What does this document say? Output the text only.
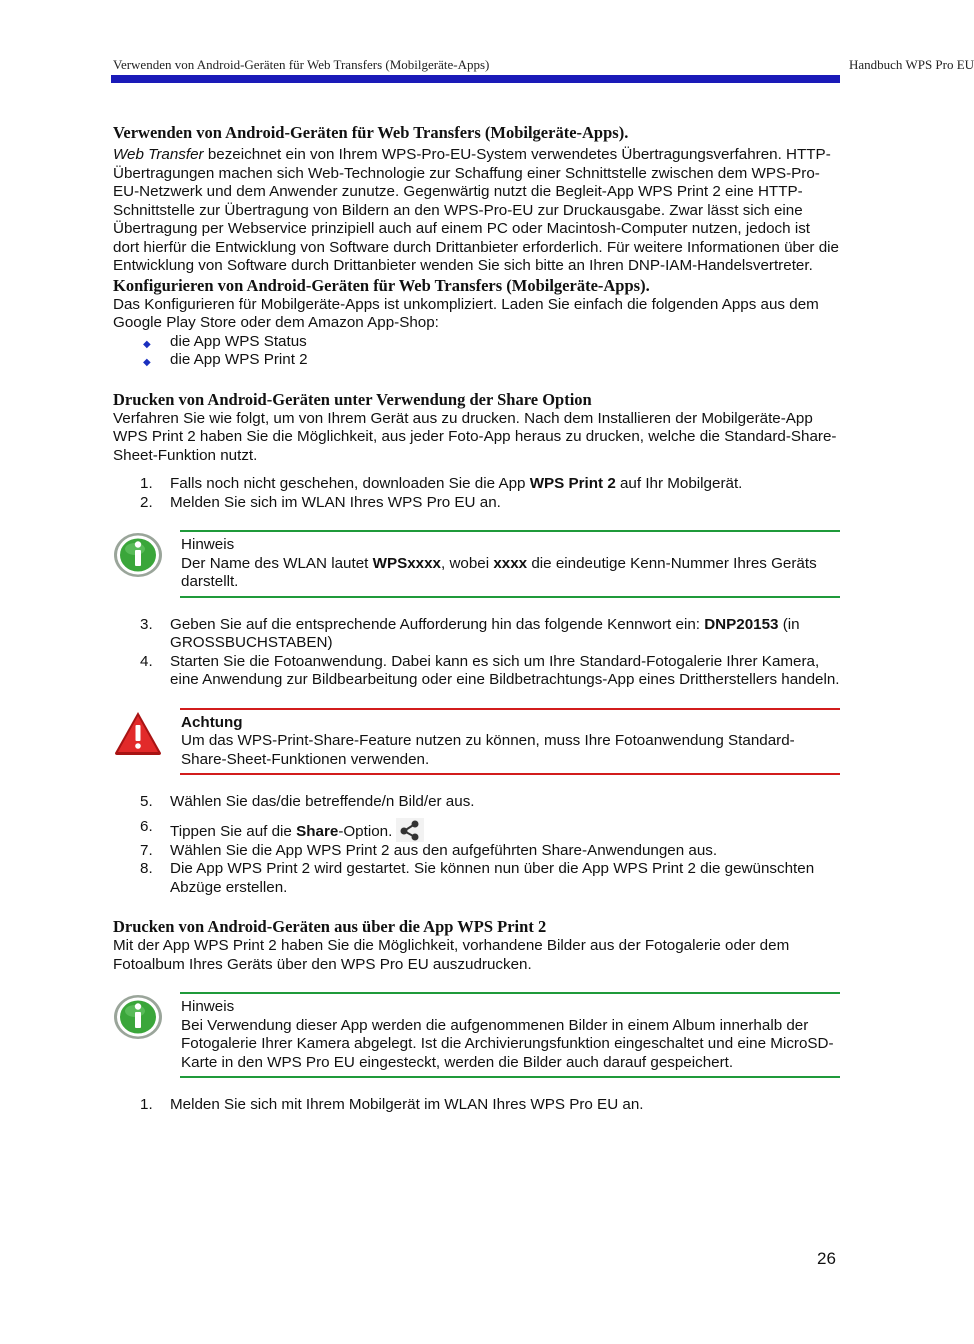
Verwenden von Android-Geräten für Web Transfers (Mobilgeräte-Apps)	Handbuch WPS Pro EU
Verwenden von Android-Geräten für Web Transfers (Mobilgeräte-Apps).

Web Transfer bezeichnet ein von Ihrem WPS-Pro-EU-System verwendetes Übertragungsverfahren. HTTP-Übertragungen machen sich Web-Technologie zur Schaffung einer Schnittstelle zwischen dem WPS-Pro-EU-Netzwerk und dem Anwender zunutze. Gegenwärtig nutzt die Begleit-App WPS Print 2 eine HTTP-Schnittstelle zur Übertragung von Bildern an den WPS-Pro-EU zur Druckausgabe. Zwar lässt sich eine Übertragung per Webservice prinzipiell auch auf einem PC oder Macintosh-Computer nutzen, jedoch ist dort hierfür die Entwicklung von Software durch Drittanbieter erforderlich. Für weitere Informationen über die Entwicklung von Software durch Drittanbieter wenden Sie sich bitte an Ihren DNP-IAM-Handelsvertreter.

Konfigurieren von Android-Geräten für Web Transfers (Mobilgeräte-Apps).

Das Konfigurieren für Mobilgeräte-Apps ist unkompliziert. Laden Sie einfach die folgenden Apps aus dem Google Play Store oder dem Amazon App-Shop:

◆ die App WPS Status
◆ die App WPS Print 2
Drucken von Android-Geräten unter Verwendung der Share Option

Verfahren Sie wie folgt, um von Ihrem Gerät aus zu drucken. Nach dem Installieren der Mobilgeräte-App WPS Print 2 haben Sie die Möglichkeit, aus jeder Foto-App heraus zu drucken, welche die Standard-Share-Sheet-Funktion nutzt.

1. Falls noch nicht geschehen, downloaden Sie die App WPS Print 2 auf Ihr Mobilgerät.
2. Melden Sie sich im WLAN Ihres WPS Pro EU an.
Hinweis
Der Name des WLAN lautet WPSxxxx, wobei xxxx die eindeutige Kenn-Nummer Ihres Geräts darstellt.
3. Geben Sie auf die entsprechende Aufforderung hin das folgende Kennwort ein: DNP20153 (in GROSSBUCHSTABEN)
4. Starten Sie die Fotoanwendung. Dabei kann es sich um Ihre Standard-Fotogalerie Ihrer Kamera, eine Anwendung zur Bildbearbeitung oder eine Bildbetrachtungs-App eines Drittherstellers handeln.
Achtung
Um das WPS-Print-Share-Feature nutzen zu können, muss Ihre Fotoanwendung Standard-Share-Sheet-Funktionen verwenden.
5. Wählen Sie das/die betreffende/n Bild/er aus.
6. Tippen Sie auf die Share-Option.
7. Wählen Sie die App WPS Print 2 aus den aufgeführten Share-Anwendungen aus.
8. Die App WPS Print 2 wird gestartet. Sie können nun über die App WPS Print 2 die gewünschten Abzüge erstellen.
Drucken von Android-Geräten aus über die App WPS Print 2

Mit der App WPS Print 2 haben Sie die Möglichkeit, vorhandene Bilder aus der Fotogalerie oder dem Fotoalbum Ihres Geräts über den WPS Pro EU auszudrucken.

Hinweis
Bei Verwendung dieser App werden die aufgenommenen Bilder in einem Album innerhalb der Fotogalerie Ihrer Kamera abgelegt. Ist die Archivierungsfunktion eingeschaltet und eine MicroSD-Karte in den WPS Pro EU eingesteckt, werden die Bilder auch darauf gespeichert.
1. Melden Sie sich mit Ihrem Mobilgerät im WLAN Ihres WPS Pro EU an.
26
